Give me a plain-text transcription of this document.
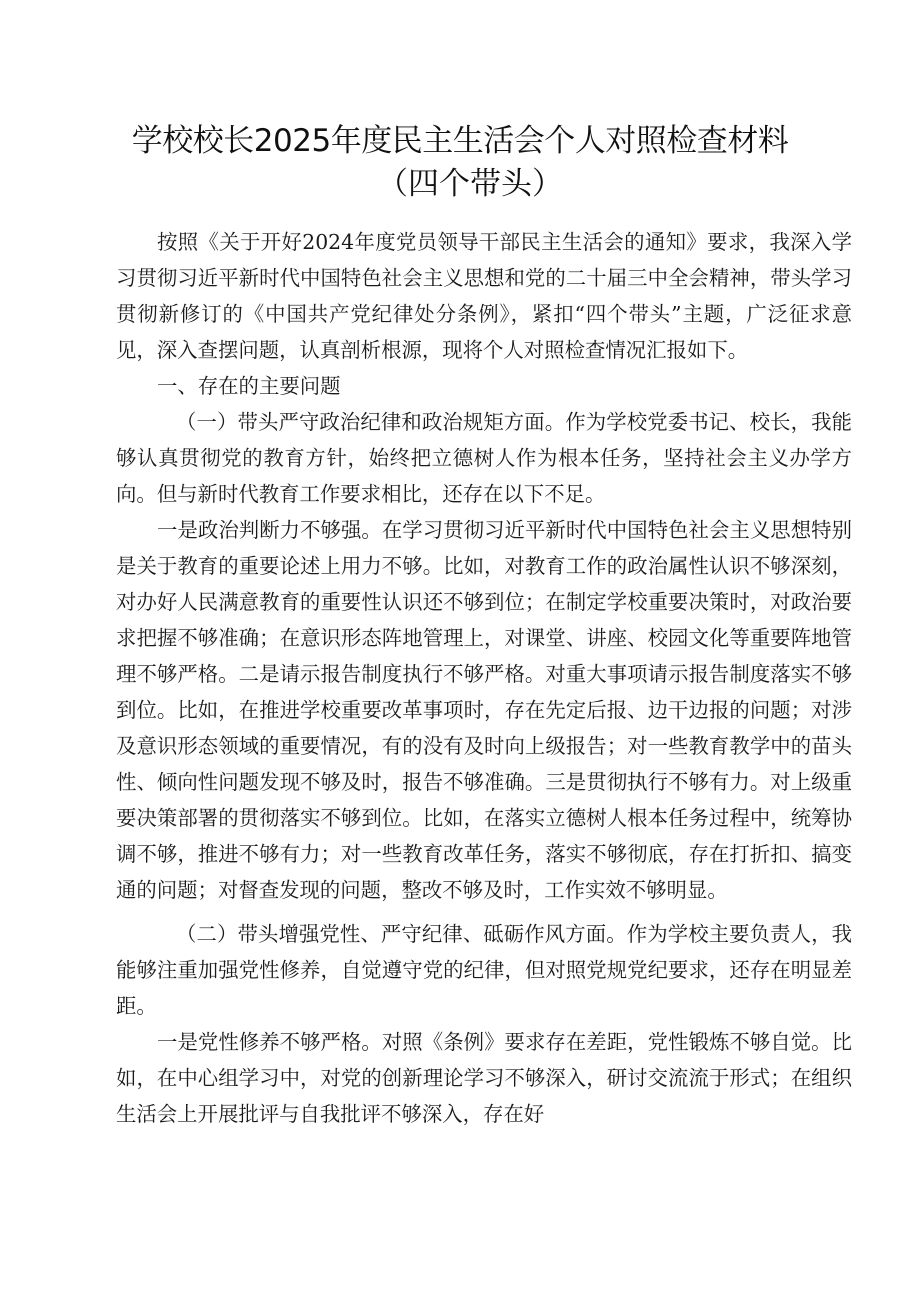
学校校长2025年度民主生活会个人对照检查材料
（四个带头）

按照《关于开好2024年度党员领导干部民主生活会的通知》要求，我深入学习贯彻习近平新时代中国特色社会主义思想和党的二十届三中全会精神，带头学习贯彻新修订的《中国共产党纪律处分条例》，紧扣“四个带头”主题，广泛征求意见，深入查摆问题，认真剖析根源，现将个人对照检查情况汇报如下。

一、存在的主要问题

（一）带头严守政治纪律和政治规矩方面。作为学校党委书记、校长，我能够认真贯彻党的教育方针，始终把立德树人作为根本任务，坚持社会主义办学方向。但与新时代教育工作要求相比，还存在以下不足。

一是政治判断力不够强。在学习贯彻习近平新时代中国特色社会主义思想特别是关于教育的重要论述上用力不够。比如，对教育工作的政治属性认识不够深刻，对办好人民满意教育的重要性认识还不够到位；在制定学校重要决策时，对政治要求把握不够准确；在意识形态阵地管理上，对课堂、讲座、校园文化等重要阵地管理不够严格。二是请示报告制度执行不够严格。对重大事项请示报告制度落实不够到位。比如，在推进学校重要改革事项时，存在先定后报、边干边报的问题；对涉及意识形态领域的重要情况，有的没有及时向上级报告；对一些教育教学中的苗头性、倾向性问题发现不够及时，报告不够准确。三是贯彻执行不够有力。对上级重要决策部署的贯彻落实不够到位。比如，在落实立德树人根本任务过程中，统筹协调不够，推进不够有力；对一些教育改革任务，落实不够彻底，存在打折扣、搞变通的问题；对督查发现的问题，整改不够及时，工作实效不够明显。

（二）带头增强党性、严守纪律、砥砺作风方面。作为学校主要负责人，我能够注重加强党性修养，自觉遵守党的纪律，但对照党规党纪要求，还存在明显差距。

一是党性修养不够严格。对照《条例》要求存在差距，党性锻炼不够自觉。比如，在中心组学习中，对党的创新理论学习不够深入，研讨交流流于形式；在组织生活会上开展批评与自我批评不够深入，存在好
